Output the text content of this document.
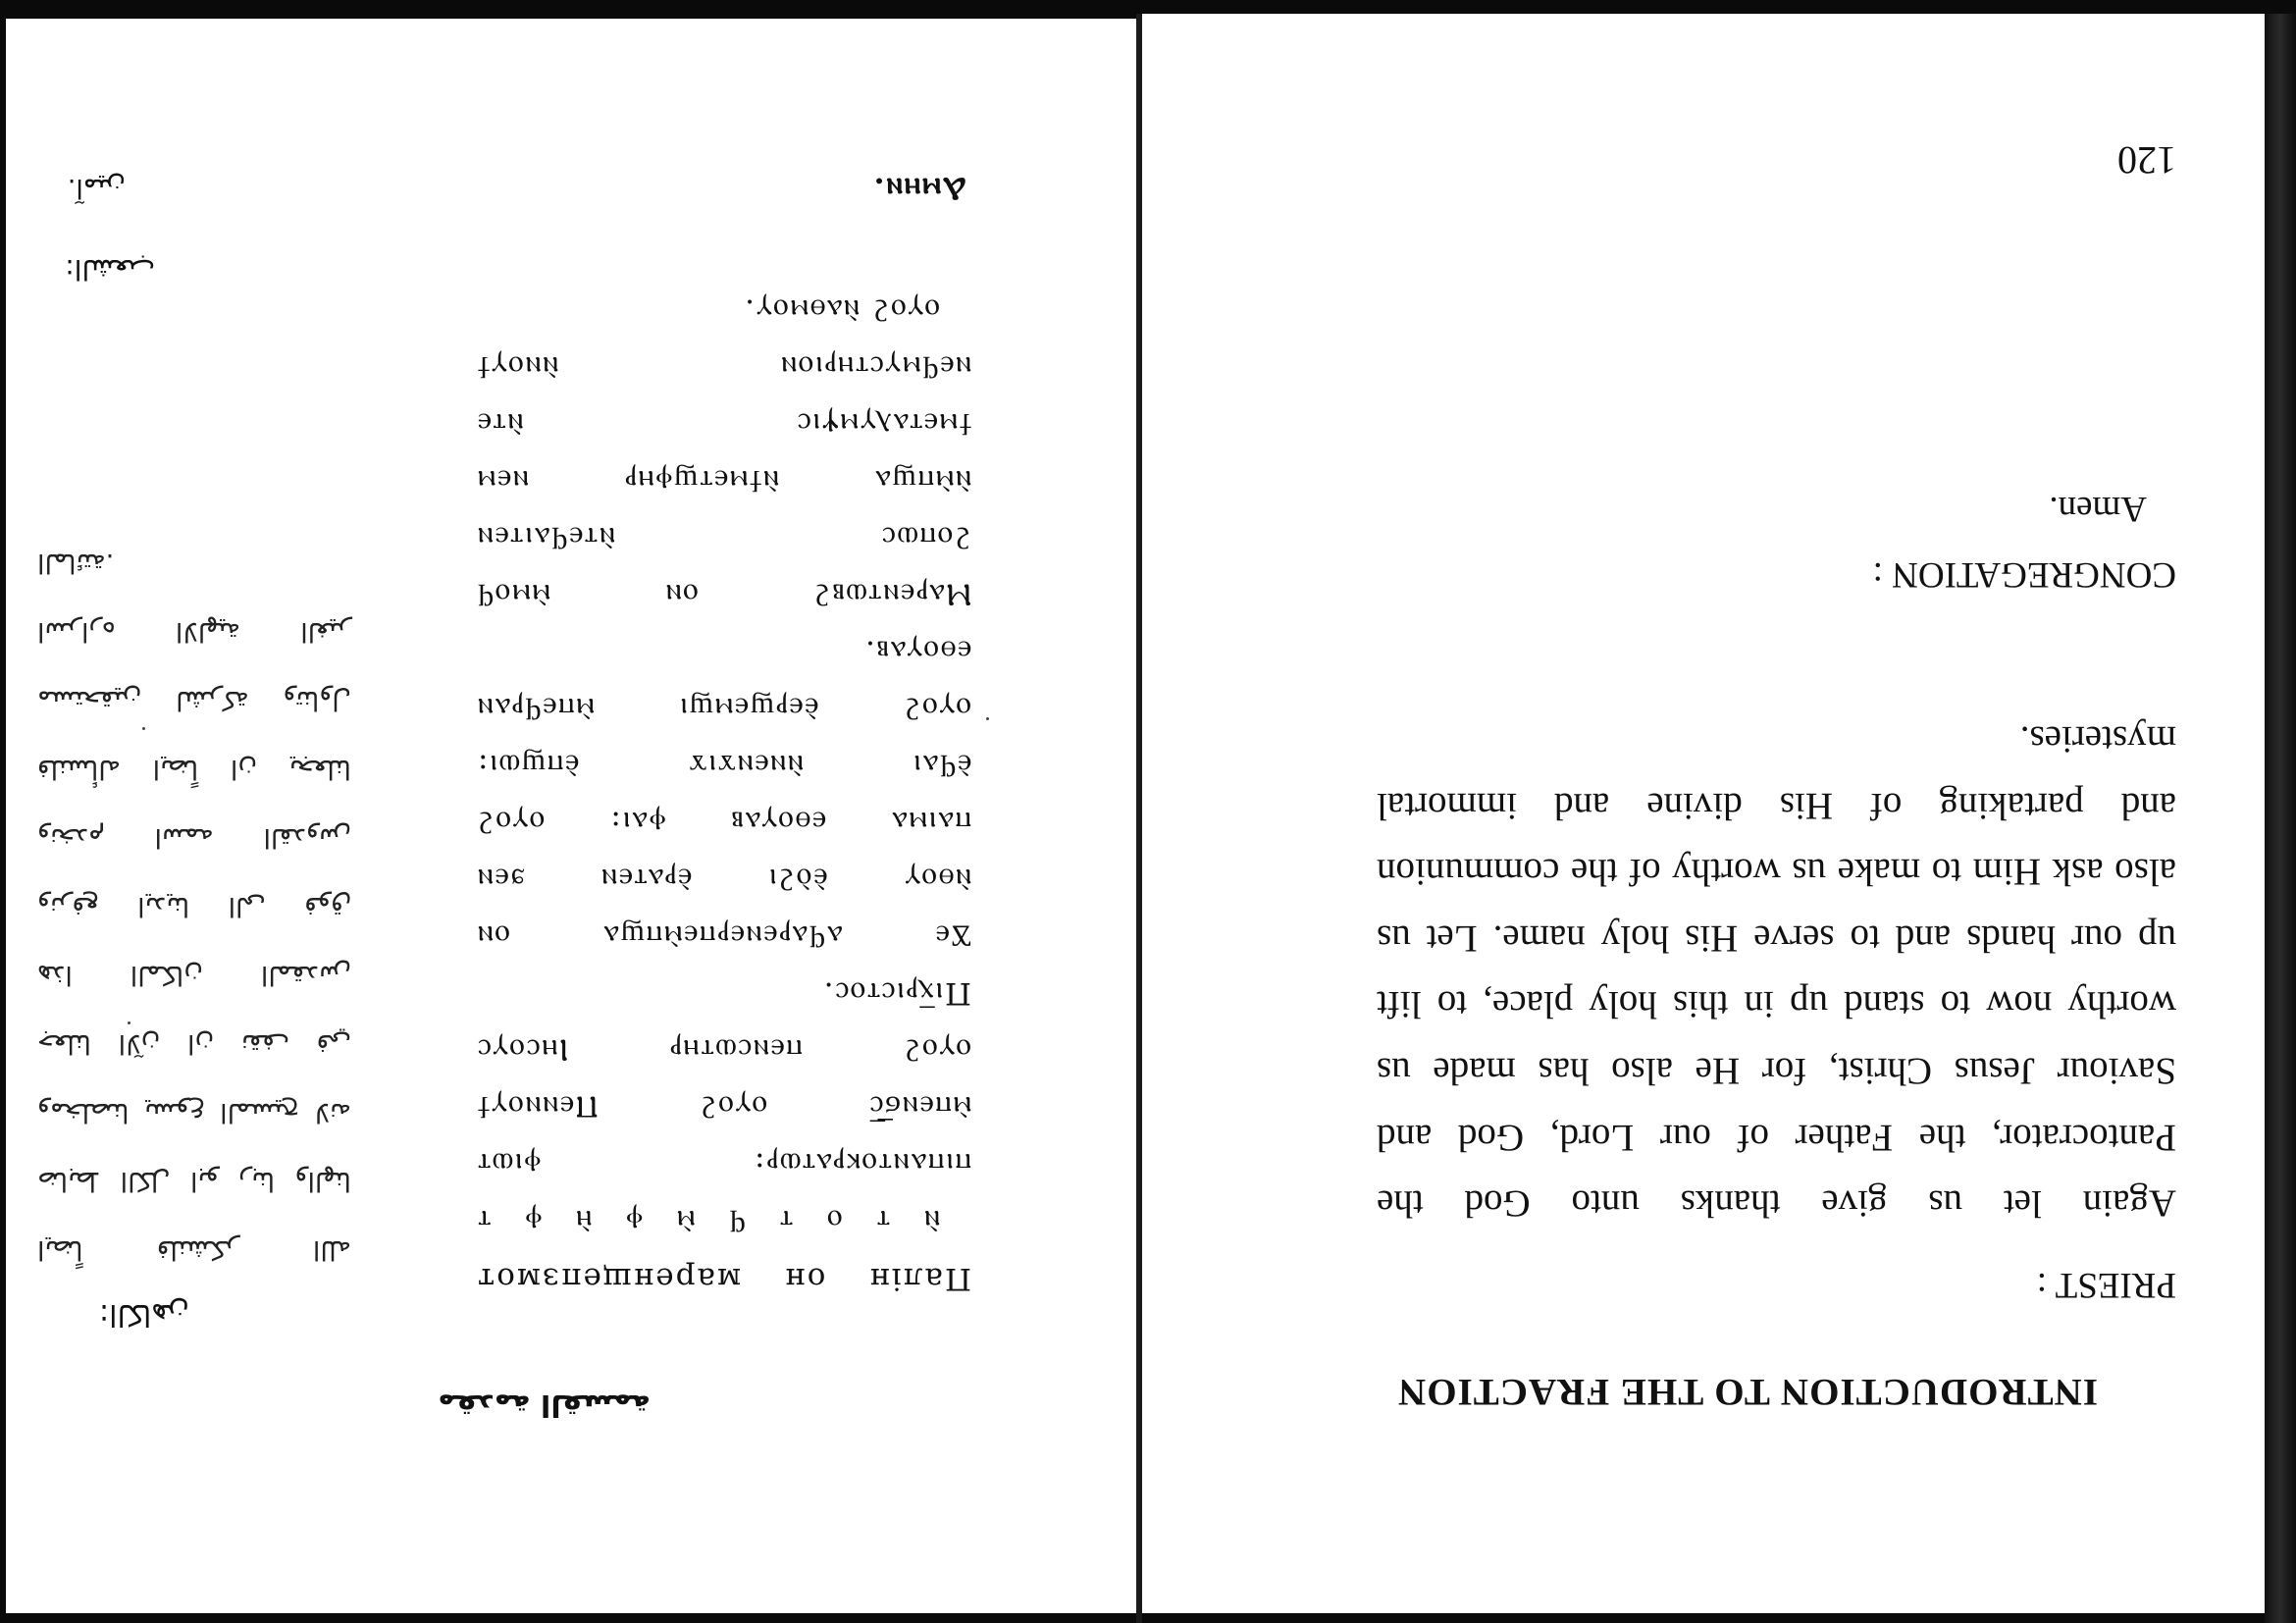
INTRODUCTION TO THE FRACTION
PRIEST :
Again let us give thanks unto God the
Pantocrator, the Father of our Lord, God and
Saviour Jesus Christ, for He also has made us
worthy now to stand up in this holy place, to lift
up our hands and to serve His holy name. Let us
also ask Him to make us worthy of the communion
and partaking of His divine and immortal
mysteries.
CONGREGATION :
Amen.
120
مقدمة القسمة
:الكاهن
Палін он маренщепзмот
ⲛ̀ ⲧ ⲟ ⲧ ϥ ⲙ̀ ⲫ ⲏ̀ ⲫ ⲧ
ⲡⲓⲡⲁⲛⲧⲟⲕⲣⲁⲧⲱⲣ: ⲫⲓⲱⲧ
ⲙ̀ⲡⲉⲛϭ̅ⲥ̅ ⲟⲩⲟϩ Ⲡⲉⲛⲛⲟⲩϯ
ⲟⲩⲟϩ ⲡⲉⲛⲥⲱⲧⲏⲣ Ⲓⲏⲥⲟⲩⲥ
Пⲓⲭ̅ⲣⲓⲥⲧⲟⲥ.
Ϫⲉ ⲁϥⲁⲣⲉⲛⲉⲣⲡⲉⲙ̀ⲡϣⲁ ⲟⲛ
ⲛ̀ⲑⲟⲩ ⲉ̀ⲟ̀ϩⲓ ⲉ̀ⲣⲁⲧⲉⲛ ϧⲉⲛ
ⲡⲁⲓⲙⲁ ⲉⲑⲟⲩⲁⲃ ⲫⲁⲓ: ⲟⲩⲟϩ
ⲉ̀ϥⲁⲓ ⲛ̀ⲛⲉⲛϫⲓϫ ⲉ̀ⲡϣⲱⲓ:
ⲟⲩⲟϩ ⲉ̀ⲉⲣϣⲉⲙϣⲓ ⲙ̀ⲡⲉϥⲣⲁⲛ
ⲉⲑⲟⲩⲁⲃ.
Ⲙⲁⲣⲉⲛⲧⲱⲃϩ ⲟⲛ ⲙ̀ⲙⲟϥ
ϩⲟⲡⲱⲥ ⲛ̀ⲧⲉϥⲁⲓⲧⲉⲛ
ⲛ̀ⲙ̀ⲡϣⲁ ⲛ̀ϯⲙⲉⲧϣⲫⲏⲣ ⲛⲉⲙ
ϯⲙⲉⲧⲁⲗⲩⲙⲯⲓⲥ ⲛ̀ⲧⲉ
ⲛⲉϥⲙⲩⲥⲧⲏⲣⲓⲟⲛ ⲛ̀ⲛⲟⲩϯ
ⲟⲩⲟϩ ⲛ̀ⲁⲑⲙⲟⲩ.
Ⲁⲙⲏⲛ.
ايضاً فلنشكر الله
ضابط الكل ابو ربنا والهنا
ومخلصنا يسوع المسيح لانه
جعلنا الآن ان نقف في
هذا المكان المقدس
ونرفع ايدينا الى فوق
ونخدم اسمه القدوس
فلنسأله ايضاً ان يجعلنا
مستحقين لشركة وتناول
اسراره الالهية الغير
المائتة.
:الشعب
.آمين
